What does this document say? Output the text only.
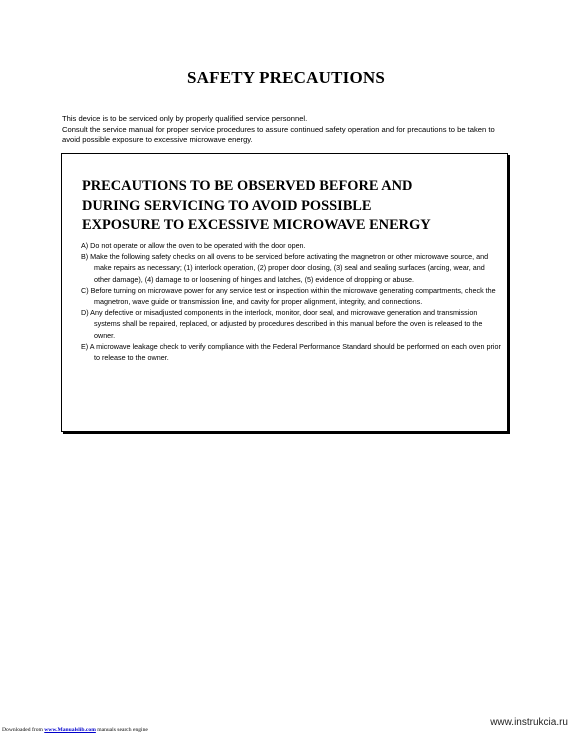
SAFETY PRECAUTIONS

This device is to be serviced only by properly qualified service personnel.

Consult the service manual for proper service procedures to assure continued safety operation and for precautions to be taken to avoid possible exposure to excessive microwave energy.

PRECAUTIONS TO BE OBSERVED BEFORE AND
DURING SERVICING TO AVOID POSSIBLE
EXPOSURE TO EXCESSIVE MICROWAVE ENERGY
A) Do not operate or allow the oven to be operated with the door open.
B) Make the following safety checks on all ovens to be serviced before activating the magnetron or other microwave source, and make repairs as necessary; (1) interlock operation, (2) proper door closing, (3) seal and sealing surfaces (arcing, wear, and other damage), (4) damage to or loosening of hinges and latches, (5) evidence of dropping or abuse.
C) Before turning on microwave power for any service test or inspection within the microwave generating compartments, check the magnetron, wave guide or transmission line, and cavity for proper alignment, integrity, and connections.
D) Any defective or misadjusted components in the interlock, monitor, door seal, and microwave generation and transmission systems shall be repaired, replaced, or adjusted by procedures described in this manual before the oven is released to the owner.
E) A microwave leakage check to verify compliance with the Federal Performance Standard should be performed on each oven prior to release to the owner.
Downloaded from www.Manualslib.com manuals search engine
www.instrukcia.ru
